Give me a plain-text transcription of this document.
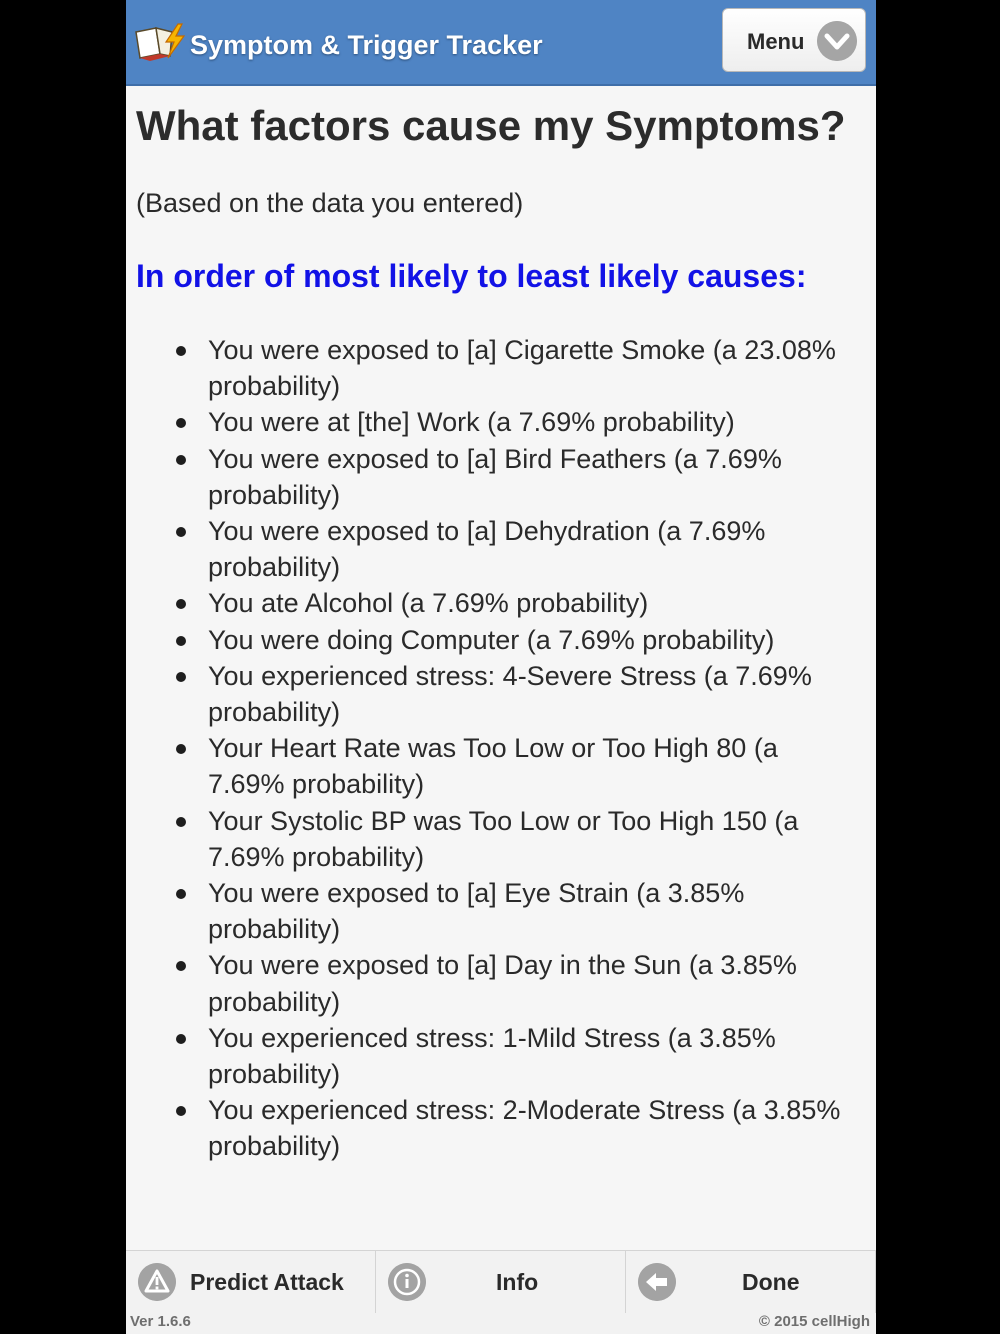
Symptom & Trigger Tracker	Menu
What factors cause my Symptoms?

(Based on the data you entered)

In order of most likely to least likely causes:
You were exposed to [a] Cigarette Smoke (a 23.08% probability)
You were at [the] Work (a 7.69% probability)
You were exposed to [a] Bird Feathers (a 7.69% probability)
You were exposed to [a] Dehydration (a 7.69% probability)
You ate Alcohol (a 7.69% probability)
You were doing Computer (a 7.69% probability)
You experienced stress: 4-Severe Stress (a 7.69% probability)
Your Heart Rate was Too Low or Too High 80 (a 7.69% probability)
Your Systolic BP was Too Low or Too High 150 (a 7.69% probability)
You were exposed to [a] Eye Strain (a 3.85% probability)
You were exposed to [a] Day in the Sun (a 3.85% probability)
You experienced stress: 1-Mild Stress (a 3.85% probability)
You experienced stress: 2-Moderate Stress (a 3.85% probability)
Predict Attack	Info	Done
Ver 1.6.6	© 2015 cellHigh
